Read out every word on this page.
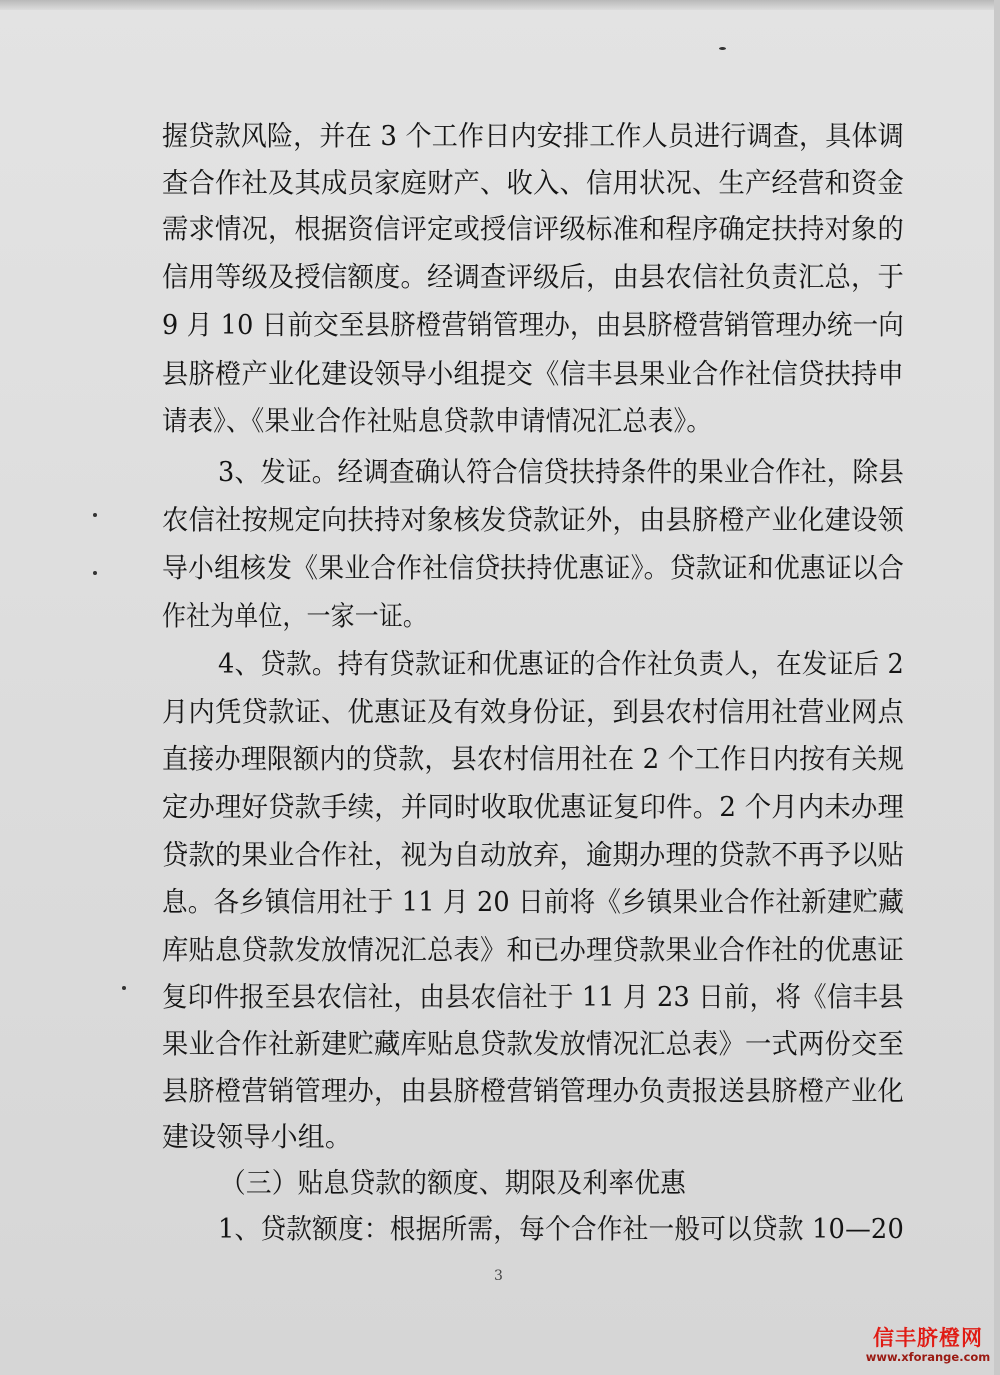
握贷款风险，并在 3 个工作日内安排工作人员进行调查，具体调
查合作社及其成员家庭财产、收入、信用状况、生产经营和资金
需求情况，根据资信评定或授信评级标准和程序确定扶持对象的
信用等级及授信额度。经调查评级后，由县农信社负责汇总，于
9 月 10 日前交至县脐橙营销管理办，由县脐橙营销管理办统一向
县脐橙产业化建设领导小组提交《信丰县果业合作社信贷扶持申
请表》、《果业合作社贴息贷款申请情况汇总表》。
3、发证。经调查确认符合信贷扶持条件的果业合作社，除县
农信社按规定向扶持对象核发贷款证外，由县脐橙产业化建设领
导小组核发《果业合作社信贷扶持优惠证》。贷款证和优惠证以合
作社为单位，一家一证。
4、贷款。持有贷款证和优惠证的合作社负责人，在发证后 2
月内凭贷款证、优惠证及有效身份证，到县农村信用社营业网点
直接办理限额内的贷款，县农村信用社在 2 个工作日内按有关规
定办理好贷款手续，并同时收取优惠证复印件。2 个月内未办理
贷款的果业合作社，视为自动放弃，逾期办理的贷款不再予以贴
息。各乡镇信用社于 11 月 20 日前将《乡镇果业合作社新建贮藏
库贴息贷款发放情况汇总表》和已办理贷款果业合作社的优惠证
复印件报至县农信社，由县农信社于 11 月 23 日前，将《信丰县
果业合作社新建贮藏库贴息贷款发放情况汇总表》一式两份交至
县脐橙营销管理办，由县脐橙营销管理办负责报送县脐橙产业化
建设领导小组。
（三）贴息贷款的额度、期限及利率优惠
1、贷款额度：根据所需，每个合作社一般可以贷款 10—20
3
信丰脐橙网
www.xforange.com
